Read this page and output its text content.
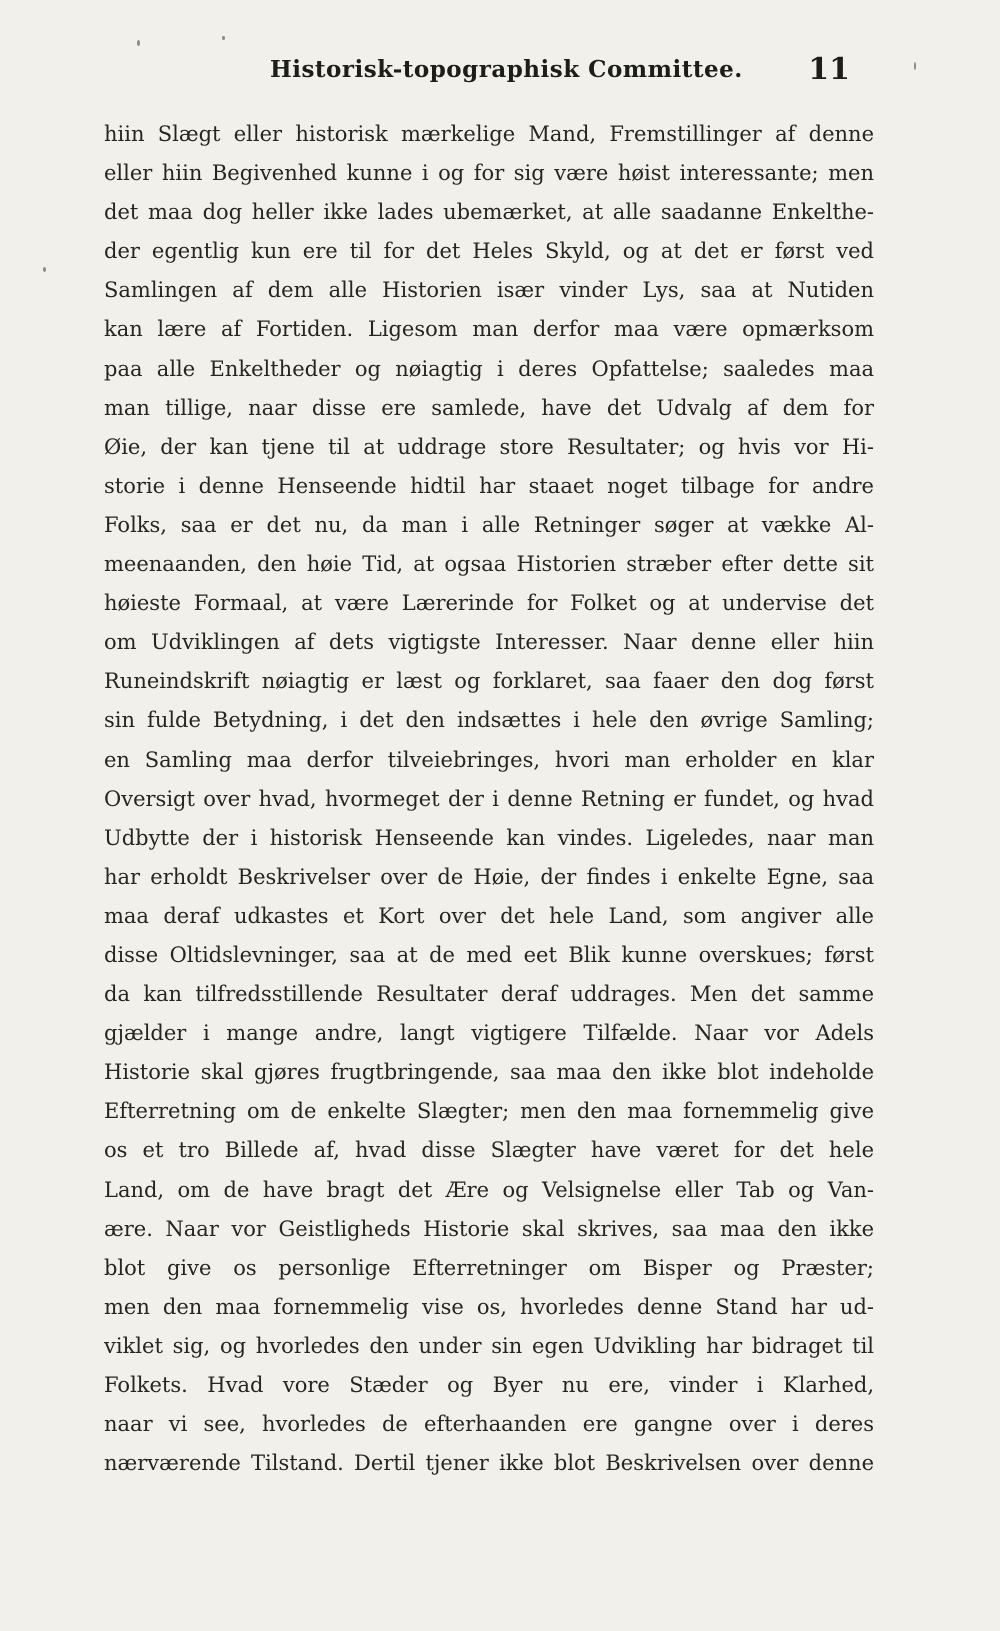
Historisk-topographisk Committee.	11
hiin Slægt eller historisk mærkelige Mand, Fremstillinger af denne
eller hiin Begivenhed kunne i og for sig være høist interessante; men
det maa dog heller ikke lades ubemærket, at alle saadanne Enkelthe-
der egentlig kun ere til for det Heles Skyld, og at det er først ved
Samlingen af dem alle Historien især vinder Lys, saa at Nutiden
kan lære af Fortiden. Ligesom man derfor maa være opmærksom
paa alle Enkeltheder og nøiagtig i deres Opfattelse; saaledes maa
man tillige, naar disse ere samlede, have det Udvalg af dem for
Øie, der kan tjene til at uddrage store Resultater; og hvis vor Hi-
storie i denne Henseende hidtil har staaet noget tilbage for andre
Folks, saa er det nu, da man i alle Retninger søger at vække Al-
meenaanden, den høie Tid, at ogsaa Historien stræber efter dette sit
høieste Formaal, at være Lærerinde for Folket og at undervise det
om Udviklingen af dets vigtigste Interesser. Naar denne eller hiin
Runeindskrift nøiagtig er læst og forklaret, saa faaer den dog først
sin fulde Betydning, i det den indsættes i hele den øvrige Samling;
en Samling maa derfor tilveiebringes, hvori man erholder en klar
Oversigt over hvad, hvormeget der i denne Retning er fundet, og hvad
Udbytte der i historisk Henseende kan vindes. Ligeledes, naar man
har erholdt Beskrivelser over de Høie, der findes i enkelte Egne, saa
maa deraf udkastes et Kort over det hele Land, som angiver alle
disse Oltidslevninger, saa at de med eet Blik kunne overskues; først
da kan tilfredsstillende Resultater deraf uddrages. Men det samme
gjælder i mange andre, langt vigtigere Tilfælde. Naar vor Adels
Historie skal gjøres frugtbringende, saa maa den ikke blot indeholde
Efterretning om de enkelte Slægter; men den maa fornemmelig give
os et tro Billede af, hvad disse Slægter have været for det hele
Land, om de have bragt det Ære og Velsignelse eller Tab og Van-
ære. Naar vor Geistligheds Historie skal skrives, saa maa den ikke
blot give os personlige Efterretninger om Bisper og Præster;
men den maa fornemmelig vise os, hvorledes denne Stand har ud-
viklet sig, og hvorledes den under sin egen Udvikling har bidraget til
Folkets. Hvad vore Stæder og Byer nu ere, vinder i Klarhed,
naar vi see, hvorledes de efterhaanden ere gangne over i deres
nærværende Tilstand. Dertil tjener ikke blot Beskrivelsen over denne
